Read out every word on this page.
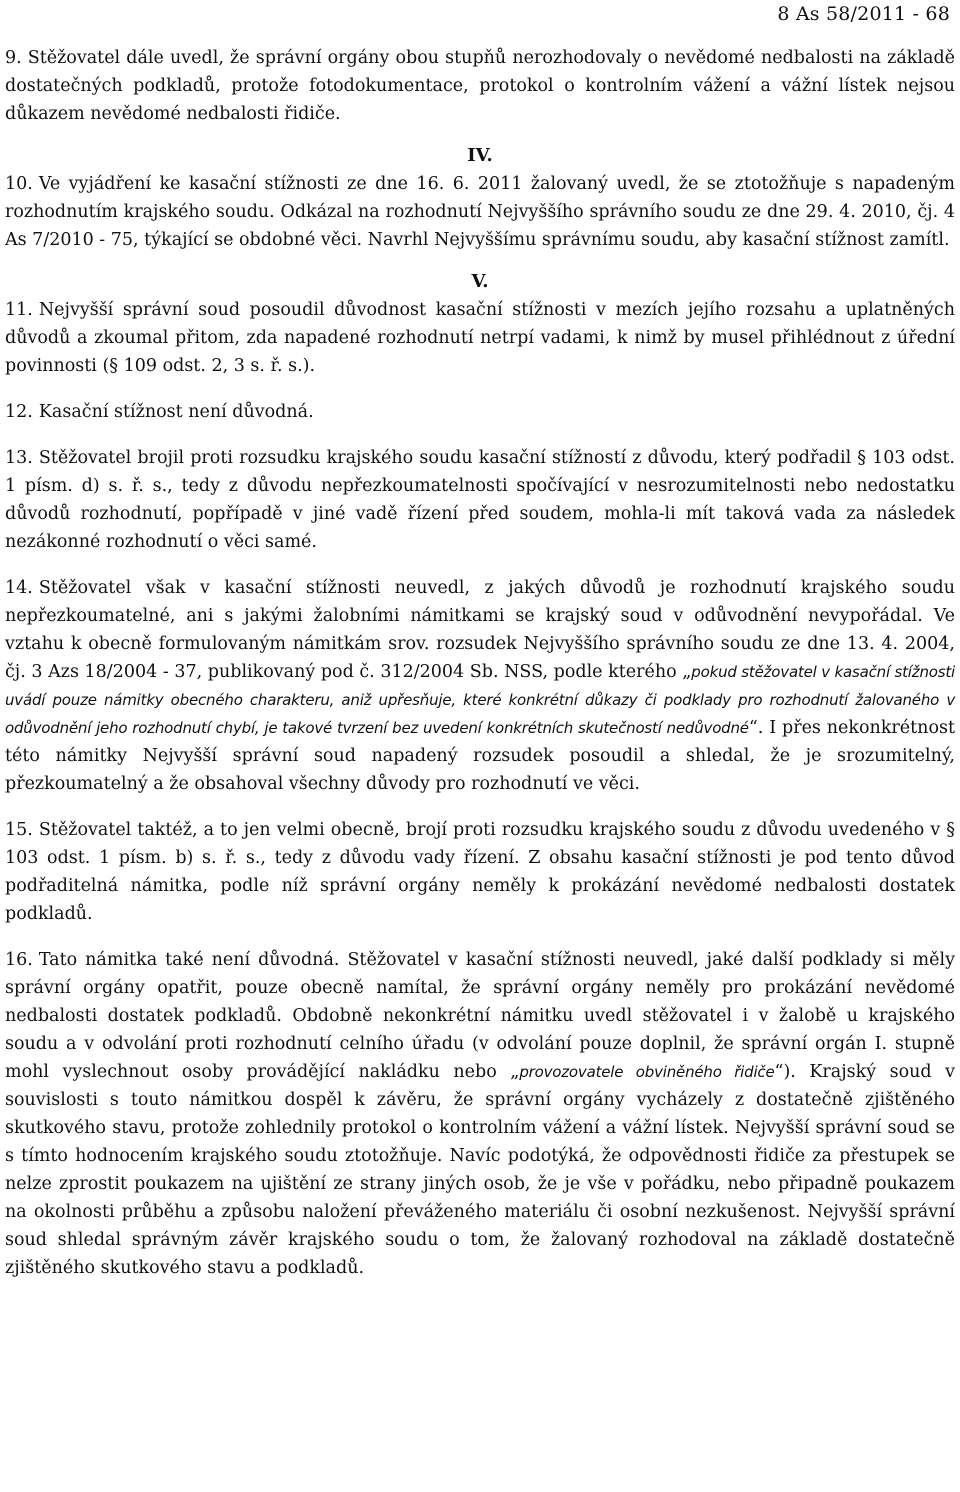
8 As 58/2011 - 68

9. Stěžovatel dále uvedl, že správní orgány obou stupňů nerozhodovaly o nevědomé nedbalosti na základě dostatečných podkladů, protože fotodokumentace, protokol o kontrolním vážení a vážní lístek nejsou důkazem nevědomé nedbalosti řidiče.

IV.

10. Ve vyjádření ke kasační stížnosti ze dne 16. 6. 2011 žalovaný uvedl, že se ztotožňuje s napadeným rozhodnutím krajského soudu. Odkázal na rozhodnutí Nejvyššího správního soudu ze dne 29. 4. 2010, čj. 4 As 7/2010 - 75, týkající se obdobné věci. Navrhl Nejvyššímu správnímu soudu, aby kasační stížnost zamítl.

V.

11. Nejvyšší správní soud posoudil důvodnost kasační stížnosti v mezích jejího rozsahu a uplatněných důvodů a zkoumal přitom, zda napadené rozhodnutí netrpí vadami, k nimž by musel přihlédnout z úřední povinnosti (§ 109 odst. 2, 3 s. ř. s.).

12. Kasační stížnost není důvodná.

13. Stěžovatel brojil proti rozsudku krajského soudu kasační stížností z důvodu, který podřadil § 103 odst. 1 písm. d) s. ř. s., tedy z důvodu nepřezkoumatelnosti spočívající v nesrozumitelnosti nebo nedostatku důvodů rozhodnutí, popřípadě v jiné vadě řízení před soudem, mohla-li mít taková vada za následek nezákonné rozhodnutí o věci samé.

14. Stěžovatel však v kasační stížnosti neuvedl, z jakých důvodů je rozhodnutí krajského soudu nepřezkoumatelné, ani s jakými žalobními námitkami se krajský soud v odůvodnění nevypořádal. Ve vztahu k obecně formulovaným námitkám srov. rozsudek Nejvyššího správního soudu ze dne 13. 4. 2004, čj. 3 Azs 18/2004 - 37, publikovaný pod č. 312/2004 Sb. NSS, podle kterého „pokud stěžovatel v kasační stížnosti uvádí pouze námitky obecného charakteru, aniž upřesňuje, které konkrétní důkazy či podklady pro rozhodnutí žalovaného v odůvodnění jeho rozhodnutí chybí, je takové tvrzení bez uvedení konkrétních skutečností nedůvodné“. I přes nekonkrétnost této námitky Nejvyšší správní soud napadený rozsudek posoudil a shledal, že je srozumitelný, přezkoumatelný a že obsahoval všechny důvody pro rozhodnutí ve věci.

15. Stěžovatel taktéž, a to jen velmi obecně, brojí proti rozsudku krajského soudu z důvodu uvedeného v § 103 odst. 1 písm. b) s. ř. s., tedy z důvodu vady řízení. Z obsahu kasační stížnosti je pod tento důvod podřaditelná námitka, podle níž správní orgány neměly k prokázání nevědomé nedbalosti dostatek podkladů.

16. Tato námitka také není důvodná. Stěžovatel v kasační stížnosti neuvedl, jaké další podklady si měly správní orgány opatřit, pouze obecně namítal, že správní orgány neměly pro prokázání nevědomé nedbalosti dostatek podkladů. Obdobně nekonkrétní námitku uvedl stěžovatel i v žalobě u krajského soudu a v odvolání proti rozhodnutí celního úřadu (v odvolání pouze doplnil, že správní orgán I. stupně mohl vyslechnout osoby provádějící nakládku nebo „provozovatele obviněného řidiče“). Krajský soud v souvislosti s touto námitkou dospěl k závěru, že správní orgány vycházely z dostatečně zjištěného skutkového stavu, protože zohlednily protokol o kontrolním vážení a vážní lístek. Nejvyšší správní soud se s tímto hodnocením krajského soudu ztotožňuje. Navíc podotýká, že odpovědnosti řidiče za přestupek se nelze zprostit poukazem na ujištění ze strany jiných osob, že je vše v pořádku, nebo připadně poukazem na okolnosti průběhu a způsobu naložení převáženého materiálu či osobní nezkušenost. Nejvyšší správní soud shledal správným závěr krajského soudu o tom, že žalovaný rozhodoval na základě dostatečně zjištěného skutkového stavu a podkladů.
